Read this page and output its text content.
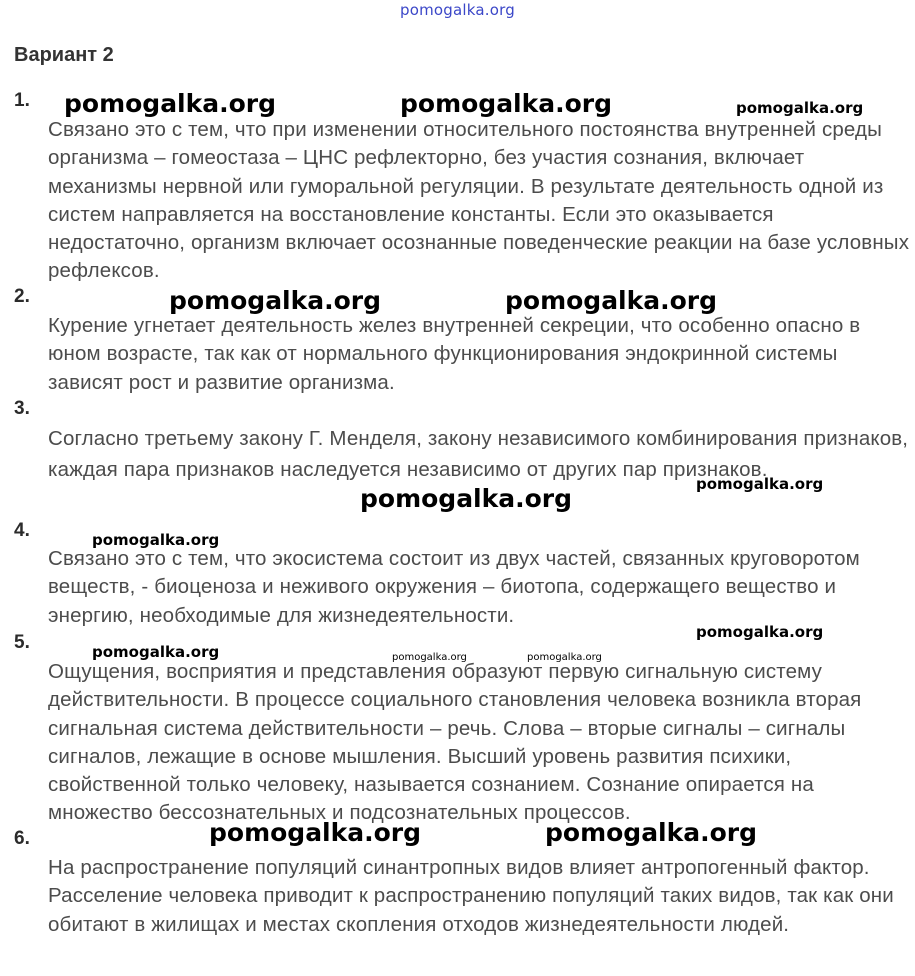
pomogalka.org
Вариант 2
1.

Связано это с тем, что при изменении относительного постоянства внутренней среды организма – гомеостаза – ЦНС рефлекторно, без участия сознания, включает механизмы нервной или гуморальной регуляции. В результате деятельность одной из систем направляется на восстановление константы. Если это оказывается недостаточно, организм включает осознанные поведенческие реакции на базе условных рефлексов.

2.

Курение угнетает деятельность желез внутренней секреции, что особенно опасно в юном возрасте, так как от нормального функционирования эндокринной системы зависят рост и развитие организма.

3.

Согласно третьему закону Г. Менделя, закону независимого комбинирования признаков, каждая пара признаков наследуется независимо от других пар признаков.

4.

Связано это с тем, что экосистема состоит из двух частей, связанных круговоротом веществ, - биоценоза и неживого окружения – биотопа, содержащего вещество и энергию, необходимые для жизнедеятельности.

5.

Ощущения, восприятия и представления образуют первую сигнальную систему действительности. В процессе социального становления человека возникла вторая сигнальная система действительности – речь. Слова – вторые сигналы – сигналы сигналов, лежащие в основе мышления. Высший уровень развития психики, свойственной только человеку, называется сознанием. Сознание опирается на множество бессознательных и подсознательных процессов.

6.

На распространение популяций синантропных видов влияет антропогенный фактор. Расселение человека приводит к распространению популяций таких видов, так как они обитают в жилищах и местах скопления отходов жизнедеятельности людей.

pomogalka.org	pomogalka.org	pomogalka.org
pomogalka.org	pomogalka.org
pomogalka.org	pomogalka.org
pomogalka.org
pomogalka.org
pomogalka.org	pomogalka.org	pomogalka.org
pomogalka.org	pomogalka.org
